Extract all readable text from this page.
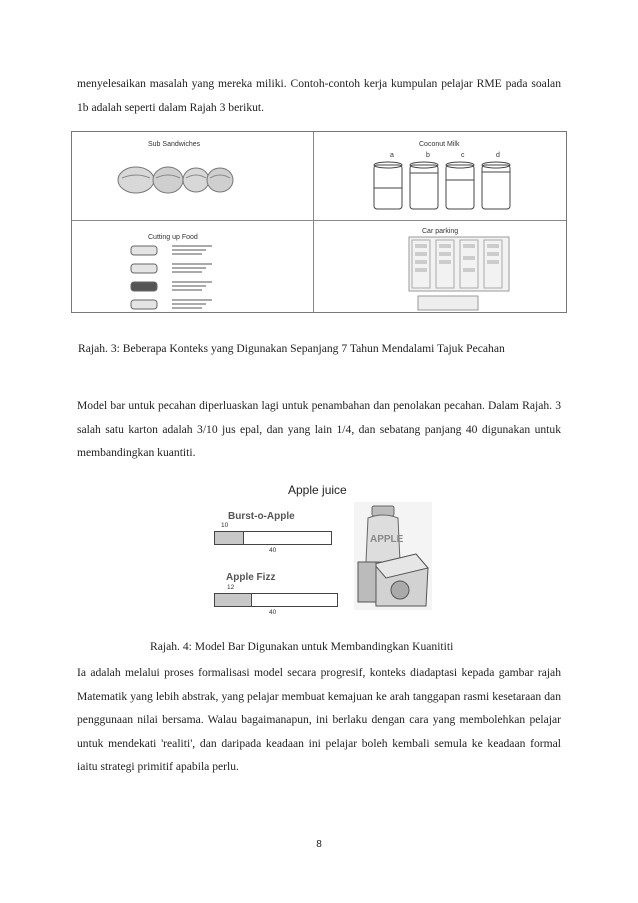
menyelesaikan masalah yang mereka miliki. Contoh-contoh kerja kumpulan pelajar RME pada soalan 1b adalah seperti dalam Rajah 3 berikut.
Sub Sandwiches	Coconut Milk
a	b	c	d
Cutting up Food
Car parking
Rajah. 3: Beberapa Konteks yang Digunakan Sepanjang 7 Tahun Mendalami Tajuk Pecahan
Model bar untuk pecahan diperluaskan lagi untuk penambahan dan penolakan pecahan. Dalam Rajah. 3 salah satu karton adalah 3/10 jus epal, dan yang lain 1/4, dan sebatang panjang 40 digunakan untuk membandingkan kuantiti.
Apple juice
Burst-o-Apple
10
40
Apple Fizz
12
40
APPLE
Rajah. 4: Model Bar Digunakan untuk Membandingkan Kuanititi
Ia adalah melalui proses formalisasi model secara progresif, konteks diadaptasi kepada gambar rajah Matematik yang lebih abstrak, yang pelajar membuat kemajuan ke arah tanggapan rasmi kesetaraan dan penggunaan nilai bersama. Walau bagaimanapun, ini berlaku dengan cara yang membolehkan pelajar untuk mendekati 'realiti', dan daripada keadaan ini pelajar boleh kembali semula ke keadaan formal iaitu strategi primitif apabila perlu.
8
